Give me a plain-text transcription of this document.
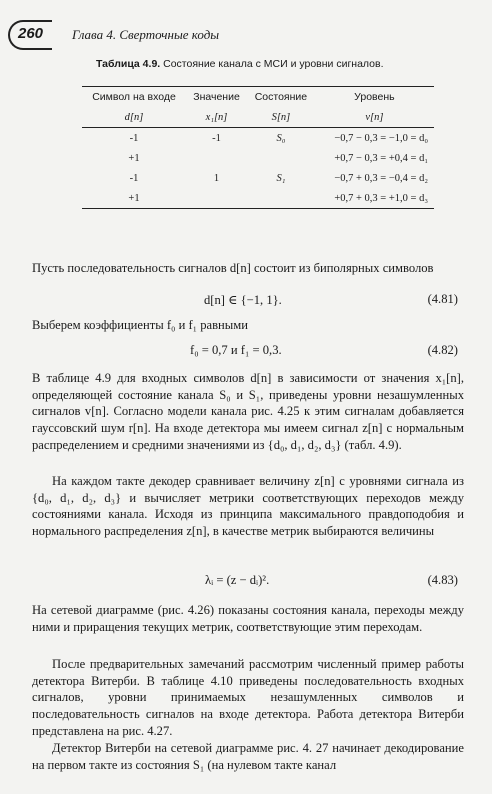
260 Глава 4. Сверточные коды
Таблица 4.9. Состояние канала с МСИ и уровни сигналов.
Символ на входе	Значение	Состояние	Уровень
d[n]	x₁[n]	S[n]	v[n]
-1	-1	S₀	−0,7 − 0,3 = −1,0 = d₀
+1			+0,7 − 0,3 = +0,4 = d₁
-1	1	S₁	−0,7 + 0,3 = −0,4 = d₂
+1			+0,7 + 0,3 = +1,0 = d₃
Пусть последовательность сигналов d[n] состоит из биполярных символов
d[n] ∈ {−1, 1}.	(4.81)
Выберем коэффициенты f₀ и f₁ равными
f₀ = 0,7 и f₁ = 0,3.	(4.82)
В таблице 4.9 для входных символов d[n] в зависимости от значения x₁[n], определяющей состояние канала S₀ и S₁, приведены уровни незашумленных сигналов v[n]. Согласно модели канала рис. 4.25 к этим сигналам добавляется гауссовский шум r[n]. На входе детектора мы имеем сигнал z[n] с нормальным распределением и средними значениями из {d₀, d₁, d₂, d₃} (табл. 4.9).
На каждом такте декодер сравнивает величину z[n] с уровнями сигнала из {d₀, d₁, d₂, d₃} и вычисляет метрики соответствующих переходов между состояниями канала. Исходя из принципа максимального правдоподобия и нормального распределения z[n], в качестве метрик выбираются величины
λᵢ = (z − dᵢ)².	(4.83)
На сетевой диаграмме (рис. 4.26) показаны состояния канала, переходы между ними и приращения текущих метрик, соответствующие этим переходам.
После предварительных замечаний рассмотрим численный пример работы детектора Витерби. В таблице 4.10 приведены последовательность входных сигналов, уровни принимаемых незашумленных символов и последовательность сигналов на входе детектора. Работа детектора Витерби представлена на рис. 4.27.
Детектор Витерби на сетевой диаграмме рис. 4. 27 начинает декодирование на первом такте из состояния S₁ (на нулевом такте канал
